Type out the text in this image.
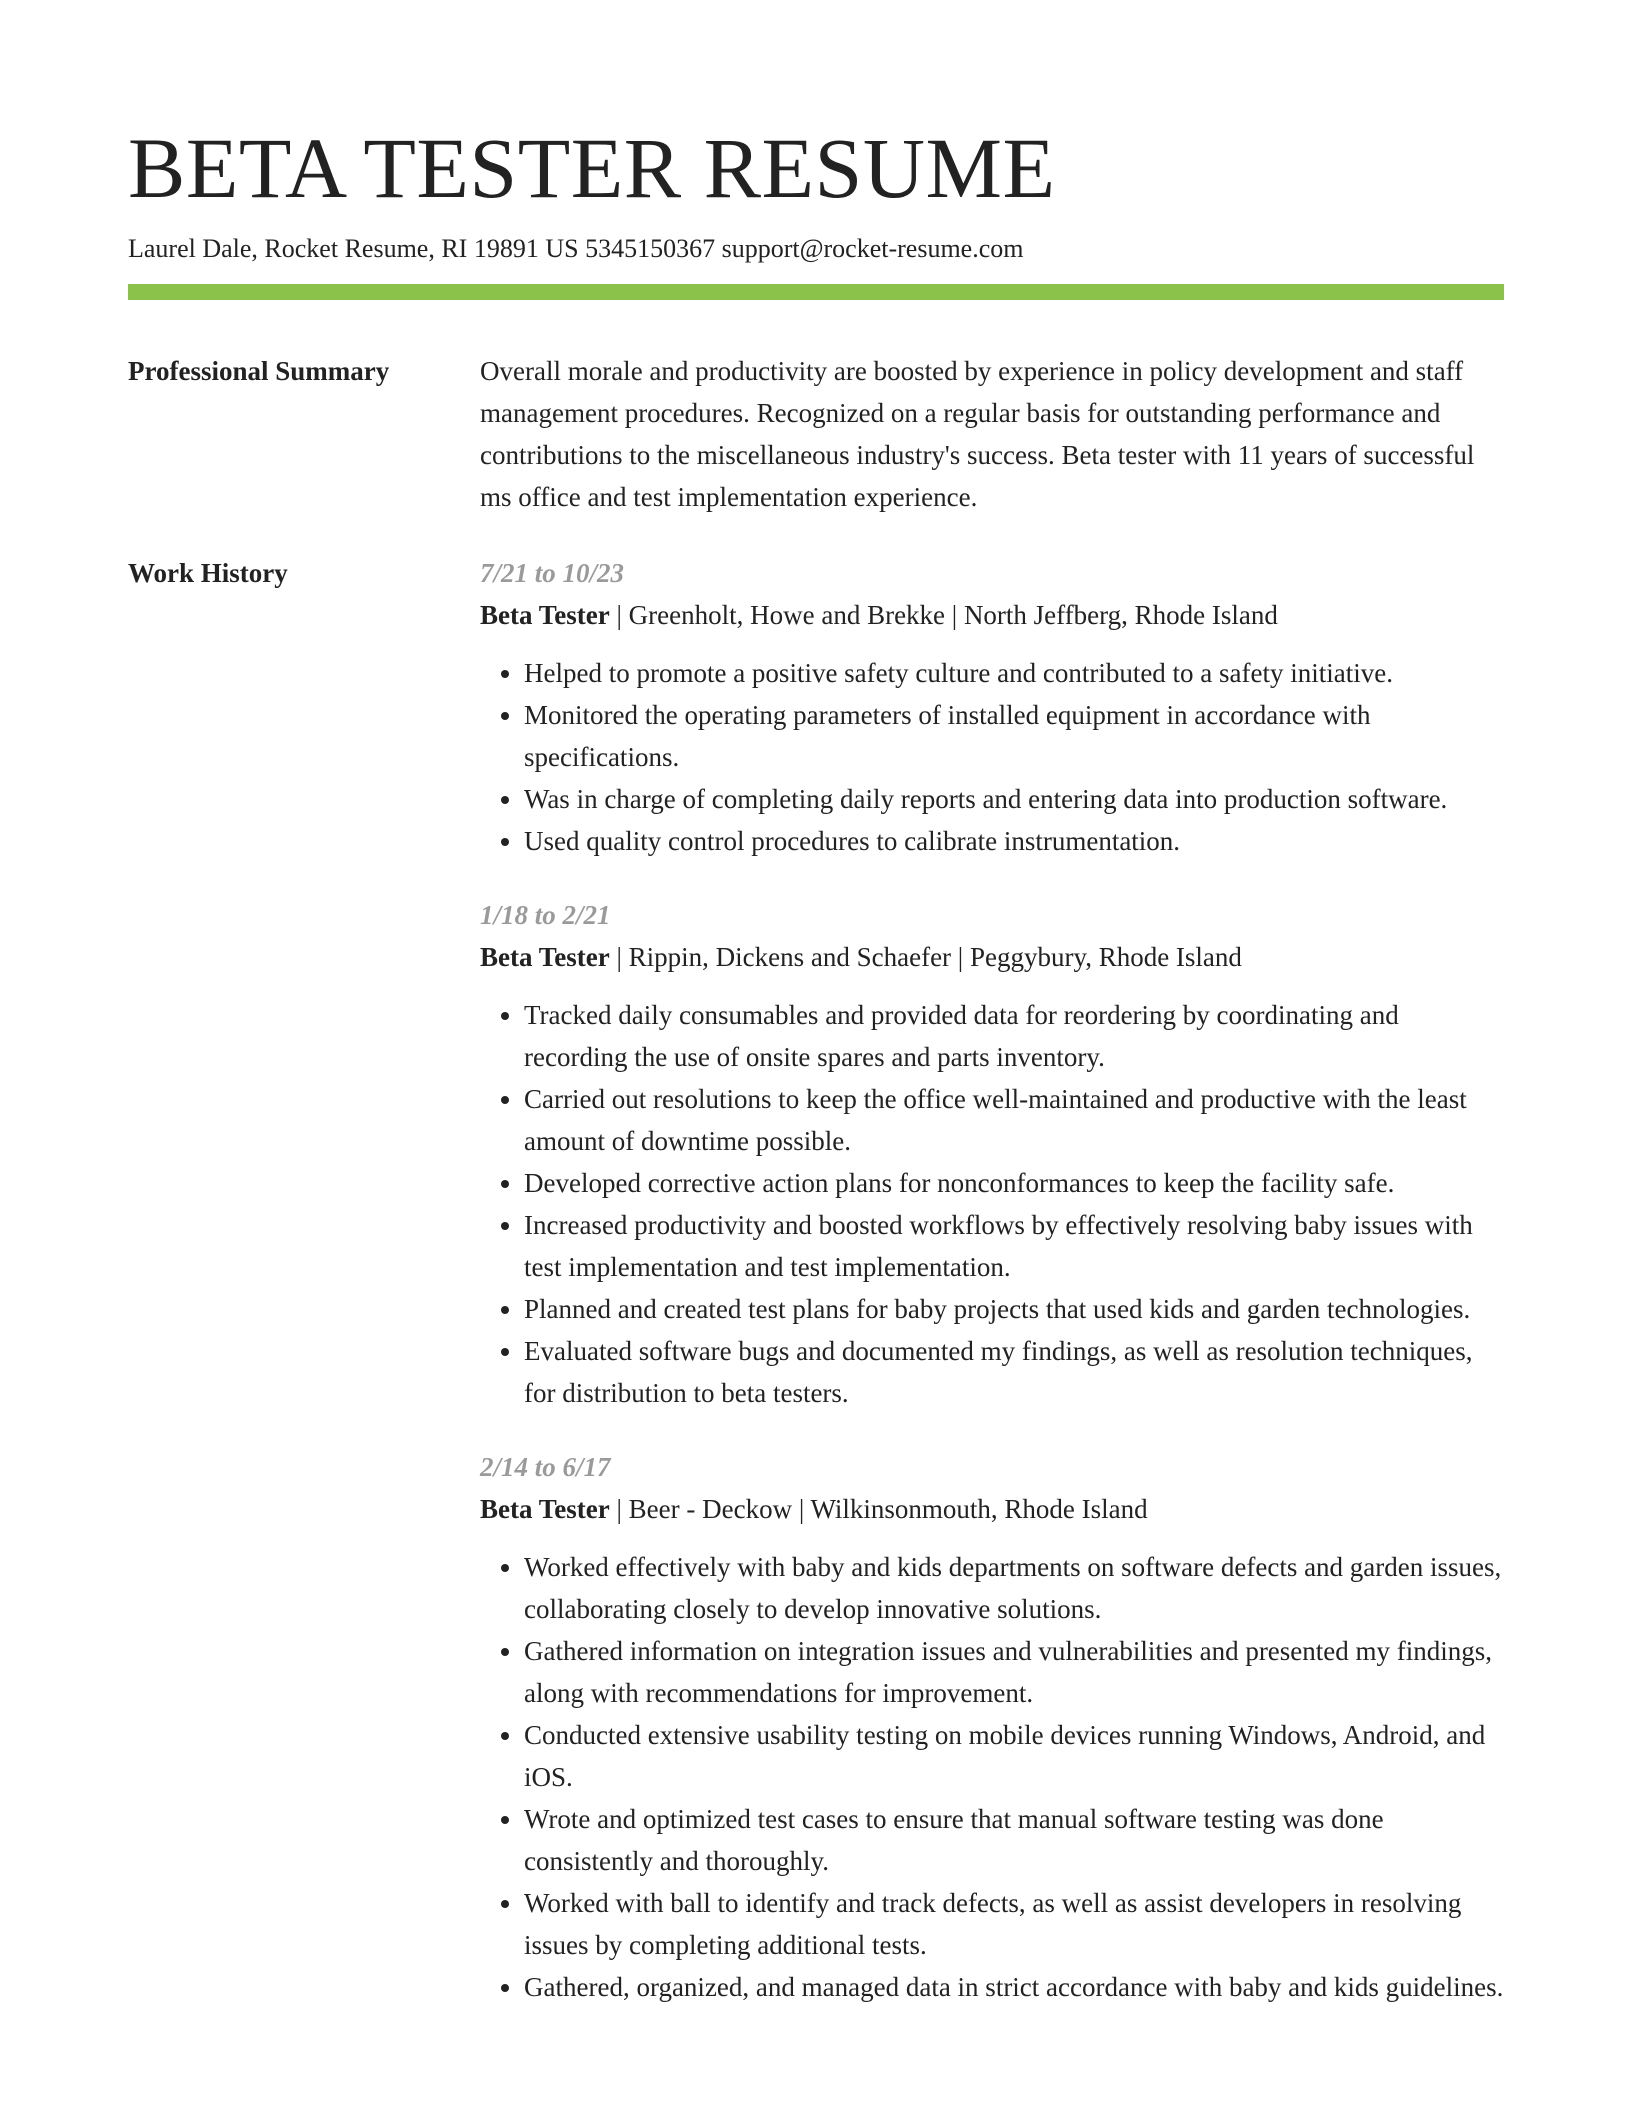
BETA TESTER RESUME
Laurel Dale, Rocket Resume, RI 19891 US 5345150367 support@rocket-resume.com
Professional Summary	Overall morale and productivity are boosted by experience in policy development and staff management procedures. Recognized on a regular basis for outstanding performance and contributions to the miscellaneous industry's success. Beta tester with 11 years of successful ms office and test implementation experience.

Work History	7/21 to 10/23
Beta Tester | Greenholt, Howe and Brekke | North Jeffberg, Rhode Island
• Helped to promote a positive safety culture and contributed to a safety initiative.
• Monitored the operating parameters of installed equipment in accordance with specifications.
• Was in charge of completing daily reports and entering data into production software.
• Used quality control procedures to calibrate instrumentation.
1/18 to 2/21
Beta Tester | Rippin, Dickens and Schaefer | Peggybury, Rhode Island
• Tracked daily consumables and provided data for reordering by coordinating and recording the use of onsite spares and parts inventory.
• Carried out resolutions to keep the office well-maintained and productive with the least amount of downtime possible.
• Developed corrective action plans for nonconformances to keep the facility safe.
• Increased productivity and boosted workflows by effectively resolving baby issues with test implementation and test implementation.
• Planned and created test plans for baby projects that used kids and garden technologies.
• Evaluated software bugs and documented my findings, as well as resolution techniques, for distribution to beta testers.
2/14 to 6/17
Beta Tester | Beer - Deckow | Wilkinsonmouth, Rhode Island
• Worked effectively with baby and kids departments on software defects and garden issues, collaborating closely to develop innovative solutions.
• Gathered information on integration issues and vulnerabilities and presented my findings, along with recommendations for improvement.
• Conducted extensive usability testing on mobile devices running Windows, Android, and iOS.
• Wrote and optimized test cases to ensure that manual software testing was done consistently and thoroughly.
• Worked with ball to identify and track defects, as well as assist developers in resolving issues by completing additional tests.
• Gathered, organized, and managed data in strict accordance with baby and kids guidelines.
